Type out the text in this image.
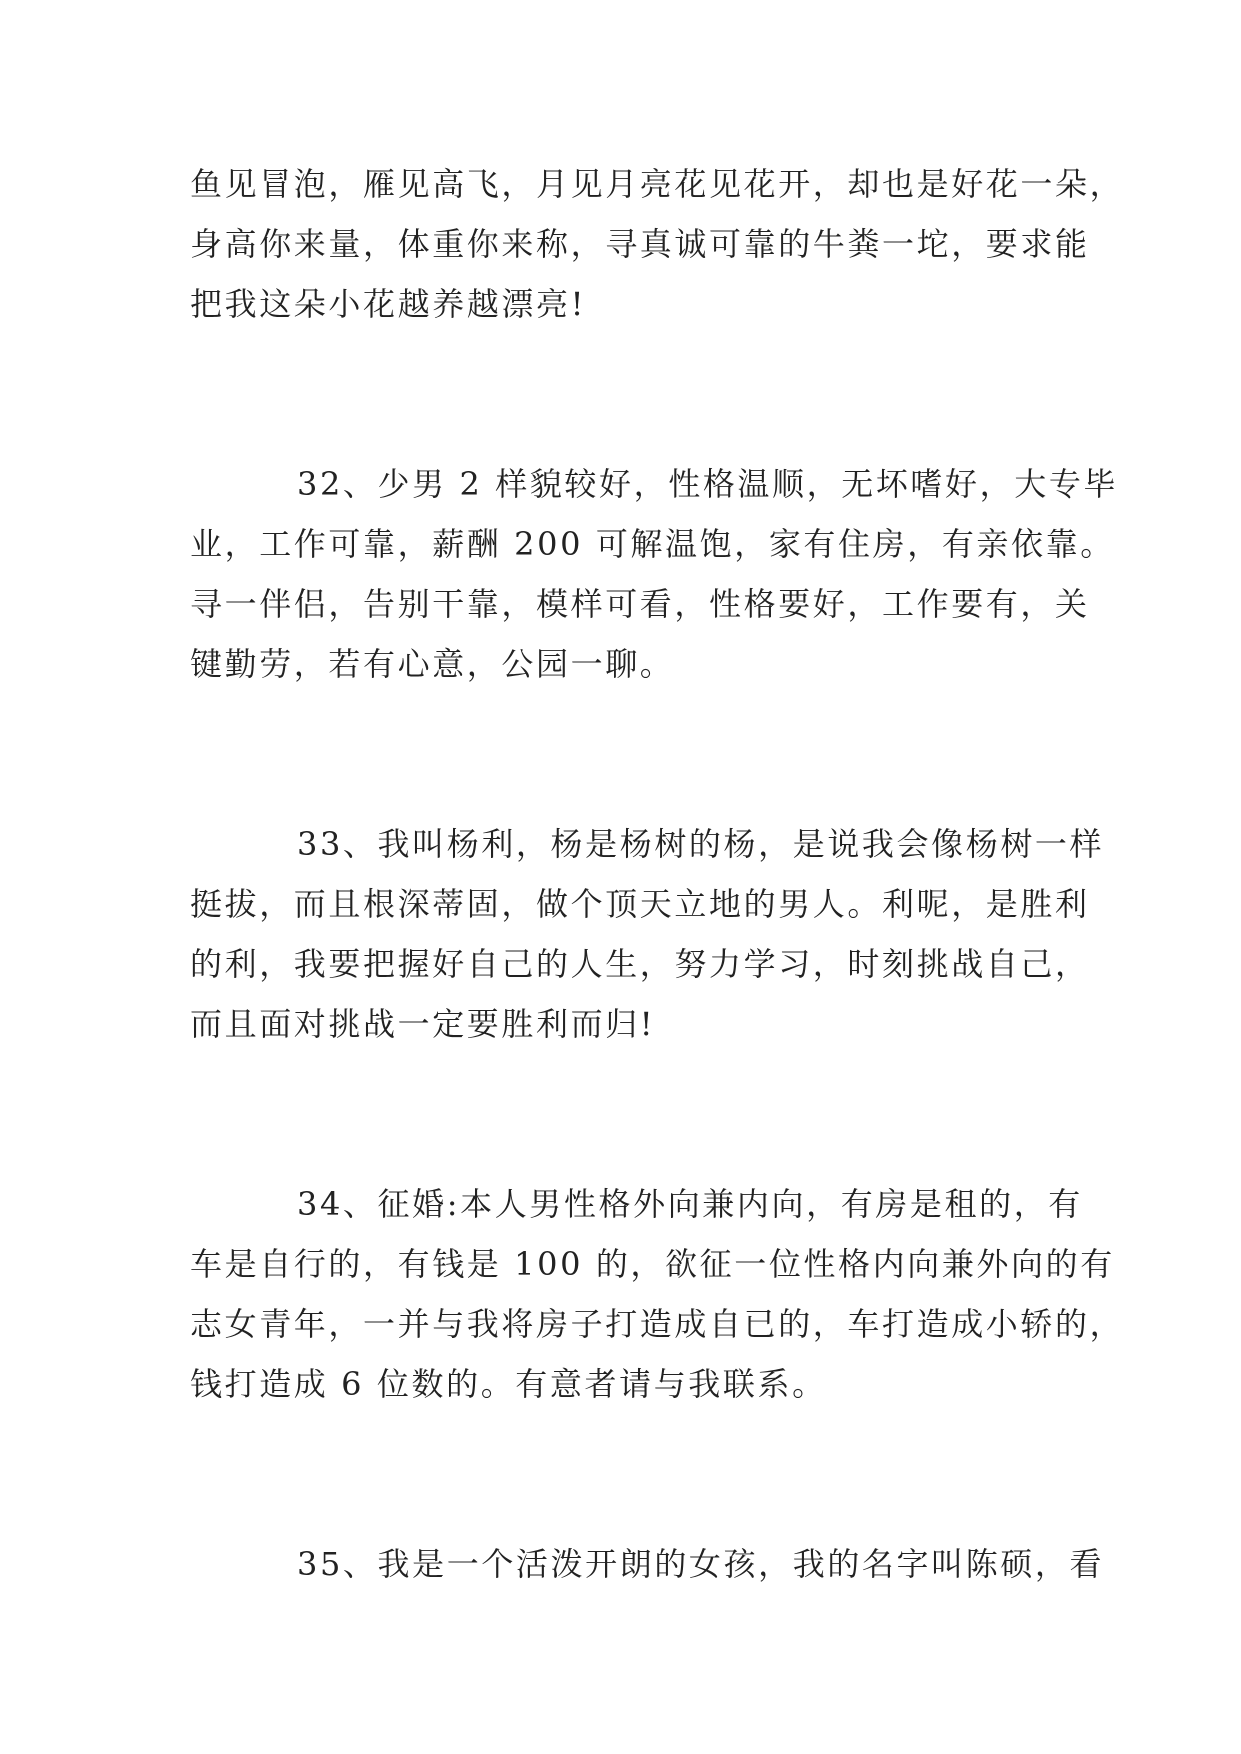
鱼见冒泡，雁见高飞，月见月亮花见花开，却也是好花一朵，
身高你来量，体重你来称，寻真诚可靠的牛粪一坨，要求能
把我这朵小花越养越漂亮!
32、少男 2 样貌较好，性格温顺，无坏嗜好，大专毕
业，工作可靠，薪酬 200 可解温饱，家有住房，有亲依靠。
寻一伴侣，告别干靠，模样可看，性格要好，工作要有，关
键勤劳，若有心意，公园一聊。
33、我叫杨利，杨是杨树的杨，是说我会像杨树一样
挺拔，而且根深蒂固，做个顶天立地的男人。利呢，是胜利
的利，我要把握好自己的人生，努力学习，时刻挑战自己，
而且面对挑战一定要胜利而归!
34、征婚:本人男性格外向兼内向，有房是租的，有
车是自行的，有钱是 100 的，欲征一位性格内向兼外向的有
志女青年，一并与我将房子打造成自已的，车打造成小轿的，
钱打造成 6 位数的。有意者请与我联系。
35、我是一个活泼开朗的女孩，我的名字叫陈硕，看
